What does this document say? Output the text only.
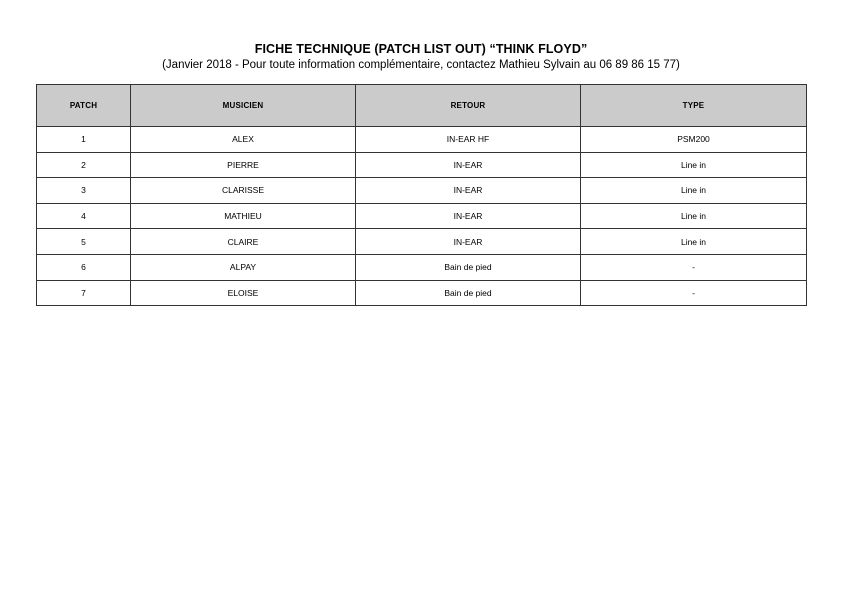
FICHE TECHNIQUE (PATCH LIST OUT) “THINK FLOYD”
(Janvier 2018 - Pour toute information complémentaire, contactez Mathieu Sylvain au 06 89 86 15 77)
PATCH	MUSICIEN	RETOUR	TYPE
1	ALEX	IN-EAR HF	PSM200
2	PIERRE	IN-EAR	Line in
3	CLARISSE	IN-EAR	Line in
4	MATHIEU	IN-EAR	Line in
5	CLAIRE	IN-EAR	Line in
6	ALPAY	Bain de pied	-
7	ELOISE	Bain de pied	-
